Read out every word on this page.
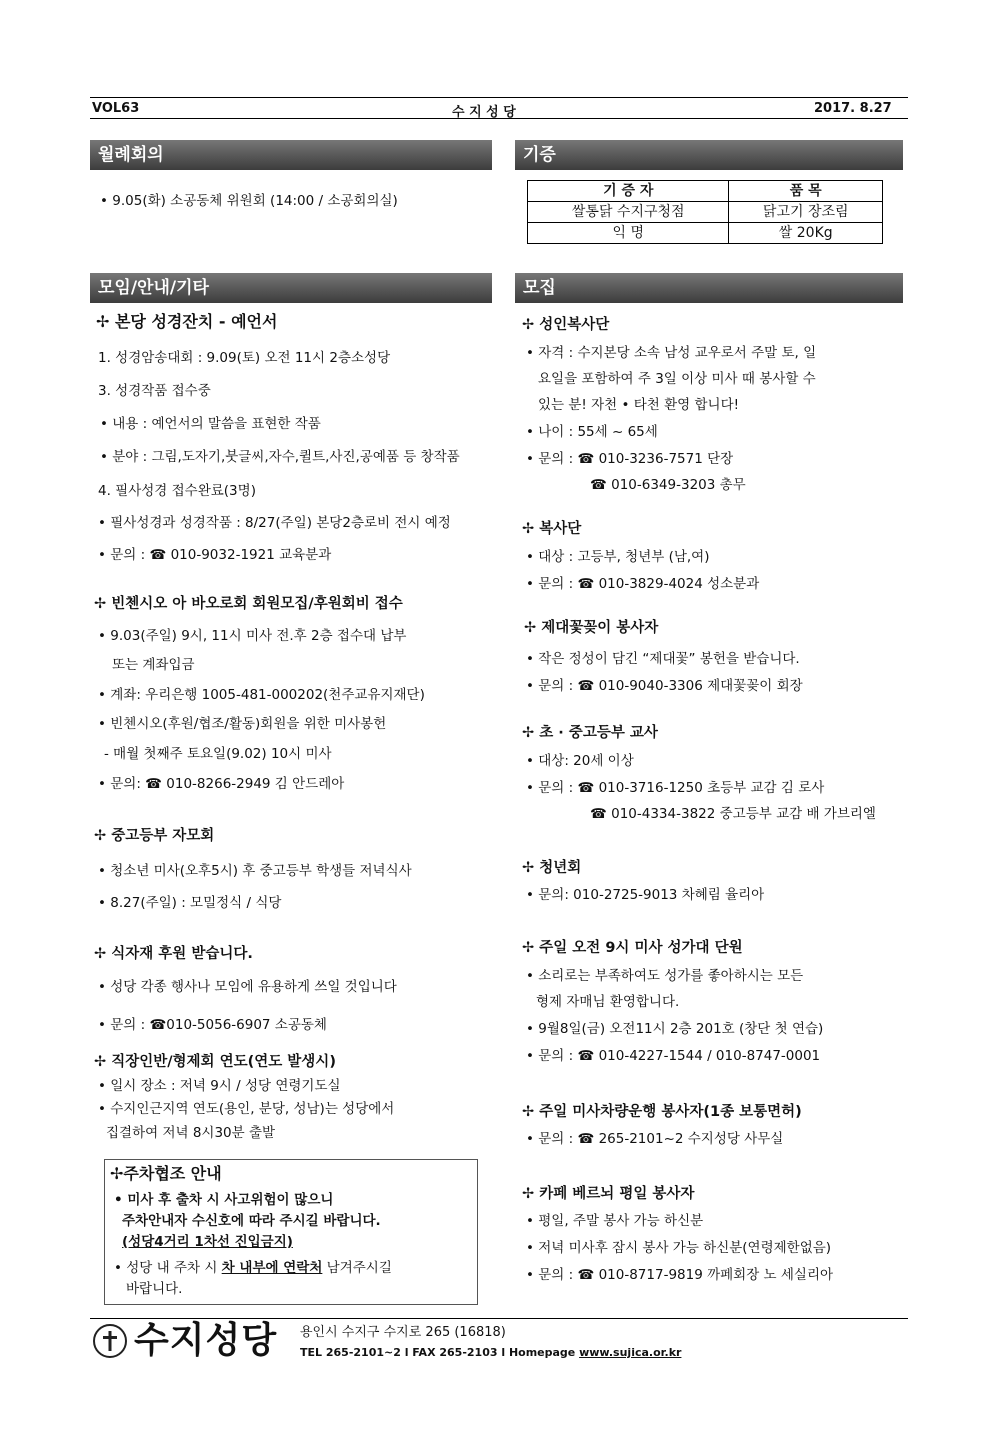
VOL63	수 지 성 당	2017. 8.27
월례회의	기증
모임/안내/기타	모집
• 9.05(화) 소공동체 위원회 (14:00 / 소공회의실)
기 증 자	품 목
쌀통닭 수지구청점	닭고기 장조림
익 명	쌀 20Kg
✢ 본당 성경잔치 - 예언서
1. 성경암송대회 : 9.09(토) 오전 11시 2층소성당
3. 성경작품 접수중
• 내용 : 예언서의 말씀을 표현한 작품
• 분야 : 그림,도자기,붓글씨,자수,퀼트,사진,공예품 등 창작품
4. 필사성경 접수완료(3명)
• 필사성경과 성경작품 : 8/27(주일) 본당2층로비 전시 예정
• 문의 : ☎ 010-9032-1921 교육분과
✢ 빈첸시오 아 바오로회 회원모집/후원회비 접수
• 9.03(주일) 9시, 11시 미사 전.후 2층 접수대 납부
또는 계좌입금
• 계좌: 우리은행 1005-481-000202(천주교유지재단)
• 빈첸시오(후원/협조/활동)회원을 위한 미사봉헌
- 매월 첫째주 토요일(9.02) 10시 미사
• 문의: ☎ 010-8266-2949 김 안드레아
✢ 중고등부 자모회
• 청소년 미사(오후5시) 후 중고등부 학생들 저녁식사
• 8.27(주일) : 모밀정식 / 식당
✢ 식자재 후원 받습니다.
• 성당 각종 행사나 모임에 유용하게 쓰일 것입니다
• 문의 : ☎010-5056-6907 소공동체
✢ 직장인반/형제회 연도(연도 발생시)
• 일시 장소 : 저녁 9시 / 성당 연령기도실
• 수지인근지역 연도(용인, 분당, 성남)는 성당에서
집결하여 저녁 8시30분 출발
✢주차협조 안내
• 미사 후 출차 시 사고위험이 많으니
주차안내자 수신호에 따라 주시길 바랍니다.
(성당4거리 1차선 진입금지)
• 성당 내 주차 시 차 내부에 연락처 남겨주시길
바랍니다.
✢ 성인복사단
• 자격 : 수지본당 소속 남성 교우로서 주말 토, 일
요일을 포함하여 주 3일 이상 미사 때 봉사할 수
있는 분! 자천 • 타천 환영 합니다!
• 나이 : 55세 ~ 65세
• 문의 : ☎ 010-3236-7571 단장
☎ 010-6349-3203 총무
✢ 복사단
• 대상 : 고등부, 청년부 (남,여)
• 문의 : ☎ 010-3829-4024 성소분과
✢ 제대꽃꽂이 봉사자
• 작은 정성이 담긴 “제대꽃” 봉헌을 받습니다.
• 문의 : ☎ 010-9040-3306 제대꽃꽂이 회장
✢ 초 · 중고등부 교사
• 대상: 20세 이상
• 문의 : ☎ 010-3716-1250 초등부 교감 김 로사
☎ 010-4334-3822 중고등부 교감 배 가브리엘
✢ 청년회
• 문의: 010-2725-9013 차혜림 율리아
✢ 주일 오전 9시 미사 성가대 단원
• 소리로는 부족하여도 성가를 좋아하시는 모든
형제 자매님 환영합니다.
• 9월8일(금) 오전11시 2층 201호 (창단 첫 연습)
• 문의 : ☎ 010-4227-1544 / 010-8747-0001
✢ 주일 미사차량운행 봉사자(1종 보통면허)
• 문의 : ☎ 265-2101~2 수지성당 사무실
✢ 카페 베르뇌 평일 봉사자
• 평일, 주말 봉사 가능 하신분
• 저녁 미사후 잠시 봉사 가능 하신분(연령제한없음)
• 문의 : ☎ 010-8717-9819 까페회장 노 세실리아
수지성당 용인시 수지구 수지로 265 (16818)
TEL 265-2101~2 l FAX 265-2103 l Homepage www.sujica.or.kr
